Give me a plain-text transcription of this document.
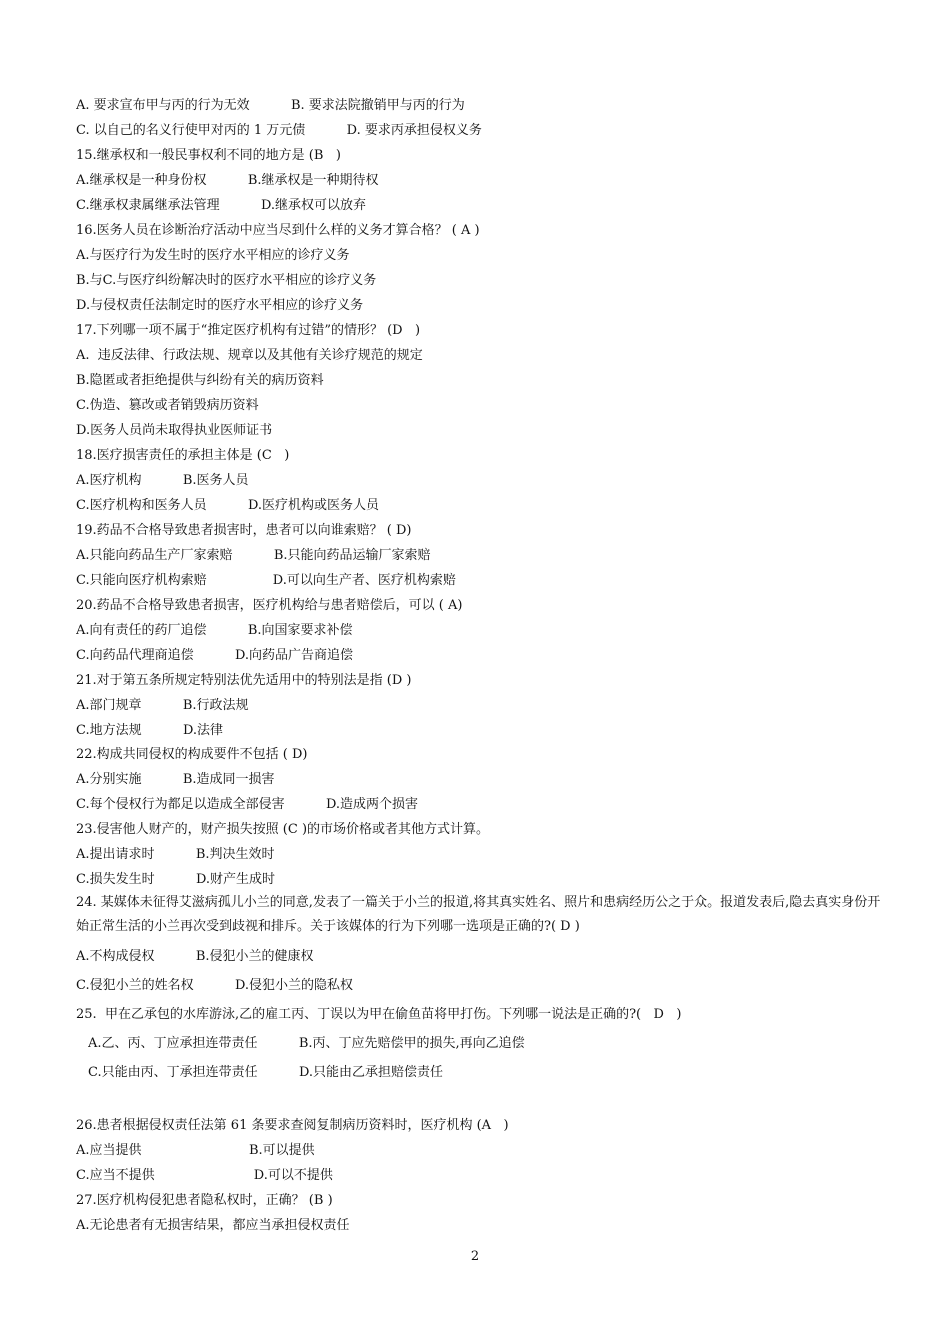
A. 要求宣布甲与丙的行为无效          B. 要求法院撤销甲与丙的行为
C. 以自己的名义行使甲对丙的 1 万元债          D. 要求丙承担侵权义务
15.继承权和一般民事权利不同的地方是 (B   )
A.继承权是一种身份权          B.继承权是一种期待权
C.继承权隶属继承法管理          D.继承权可以放弃
16.医务人员在诊断治疗活动中应当尽到什么样的义务才算合格？ ( A )
A.与医疗行为发生时的医疗水平相应的诊疗义务
B.与C.与医疗纠纷解决时的医疗水平相应的诊疗义务
D.与侵权责任法制定时的医疗水平相应的诊疗义务
17.下列哪一项不属于“推定医疗机构有过错”的情形？ (D   )
A.  违反法律、行政法规、规章以及其他有关诊疗规范的规定
B.隐匿或者拒绝提供与纠纷有关的病历资料
C.伪造、篡改或者销毁病历资料
D.医务人员尚未取得执业医师证书
18.医疗损害责任的承担主体是 (C   )
A.医疗机构          B.医务人员
C.医疗机构和医务人员          D.医疗机构或医务人员
19.药品不合格导致患者损害时，患者可以向谁索赔？ ( D)
A.只能向药品生产厂家索赔          B.只能向药品运输厂家索赔
C.只能向医疗机构索赔                D.可以向生产者、医疗机构索赔
20.药品不合格导致患者损害，医疗机构给与患者赔偿后，可以 ( A)
A.向有责任的药厂追偿          B.向国家要求补偿
C.向药品代理商追偿          D.向药品广告商追偿
21.对于第五条所规定特别法优先适用中的特别法是指 (D )
A.部门规章          B.行政法规
C.地方法规          D.法律
22.构成共同侵权的构成要件不包括 ( D)
A.分别实施          B.造成同一损害
C.每个侵权行为都足以造成全部侵害          D.造成两个损害
23.侵害他人财产的，财产损失按照 (C )的市场价格或者其他方式计算。
A.提出请求时          B.判决生效时
C.损失发生时          D.财产生成时
24. 某媒体未征得艾滋病孤儿小兰的同意,发表了一篇关于小兰的报道,将其真实姓名、照片和患病经历公之于众。报道发表后,隐去真实身份开始正常生活的小兰再次受到歧视和排斥。关于该媒体的行为下列哪一选项是正确的?( D )
A.不构成侵权          B.侵犯小兰的健康权
C.侵犯小兰的姓名权          D.侵犯小兰的隐私权
25.  甲在乙承包的水库游泳,乙的雇工丙、丁误以为甲在偷鱼苗将甲打伤。下列哪一说法是正确的?(   D   )
A.乙、丙、丁应承担连带责任          B.丙、丁应先赔偿甲的损失,再向乙追偿
C.只能由丙、丁承担连带责任          D.只能由乙承担赔偿责任
26.患者根据侵权责任法第 61 条要求查阅复制病历资料时，医疗机构 (A   )
A.应当提供                          B.可以提供
C.应当不提供                        D.可以不提供
27.医疗机构侵犯患者隐私权时，正确？ (B )
A.无论患者有无损害结果，都应当承担侵权责任
2
